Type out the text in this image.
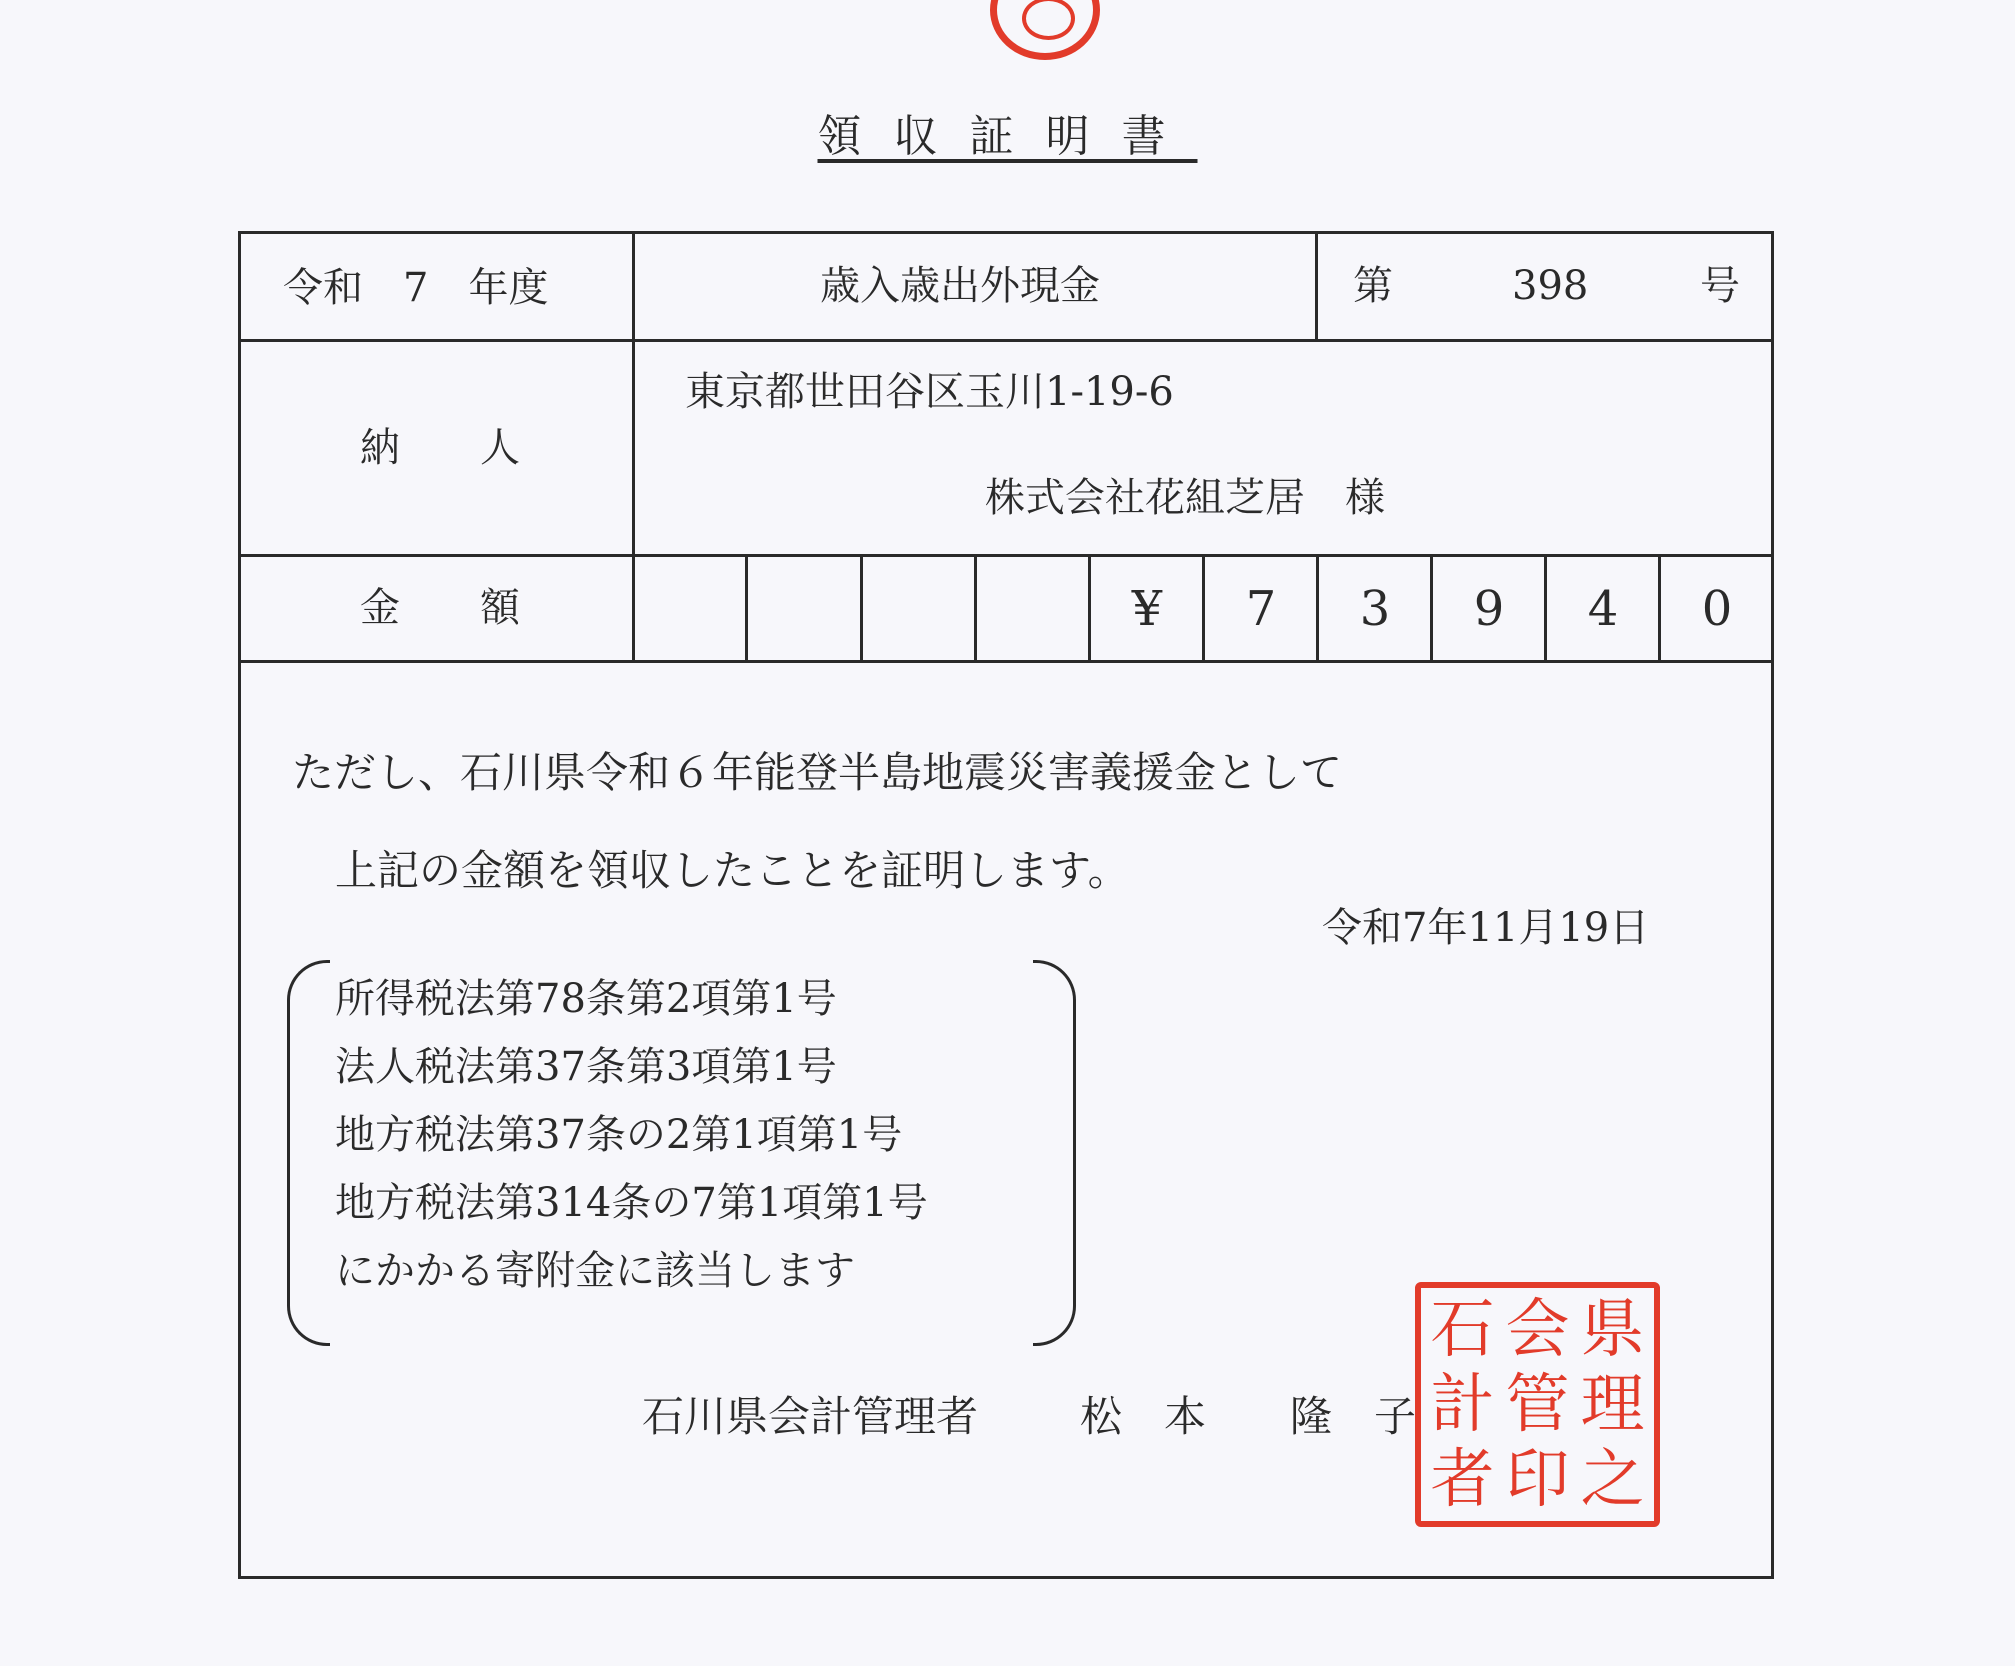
領収証明書
令和　7　年度	歳入歳出外現金	第	398	号
納　　人
東京都世田谷区玉川1-19-6
株式会社花組芝居　様
金　　額	¥	7	3	9	4	0
ただし、石川県令和６年能登半島地震災害義援金として
上記の金額を領収したことを証明します。
令和7年11月19日
所得税法第78条第2項第1号
法人税法第37条第3項第1号
地方税法第37条の2第1項第1号
地方税法第314条の7第1項第1号
にかかる寄附金に該当します
石川県会計管理者 松　本　　隆　子
県
理
之
会
管
印
石
計
者
